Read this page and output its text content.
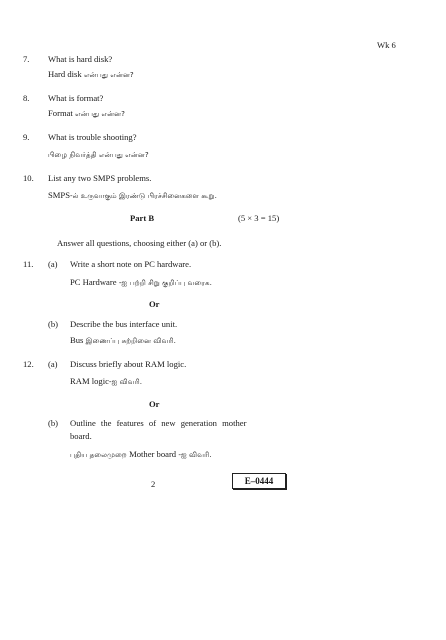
Wk 6
7. What is hard disk?
Hard disk என்பது என்ன?
8. What is format?
Format என்பது என்ன?
9. What is trouble shooting?
பிழை நிவர்த்தி என்பது என்ன?
10. List any two SMPS problems.
SMPS-ல் உருவாகும் இரண்டு பிரச்சினைகளை கூறு.
Part B	(5 × 3 = 15)
Answer all questions, choosing either (a) or (b).
11. (a) Write a short note on PC hardware.
PC Hardware -ஐ பற்றி சிறு குறிப்பு வரைக.
Or
(b) Describe the bus interface unit.
Bus இணைப்பு சுற்றினை விவரி.
12. (a) Discuss briefly about RAM logic.
RAM logic-ஐ விவரி.
Or
(b) Outline the features of new generation mother
board.
புதிய தலைமுறை Mother board -ஐ விவரி.
2	E–0444
